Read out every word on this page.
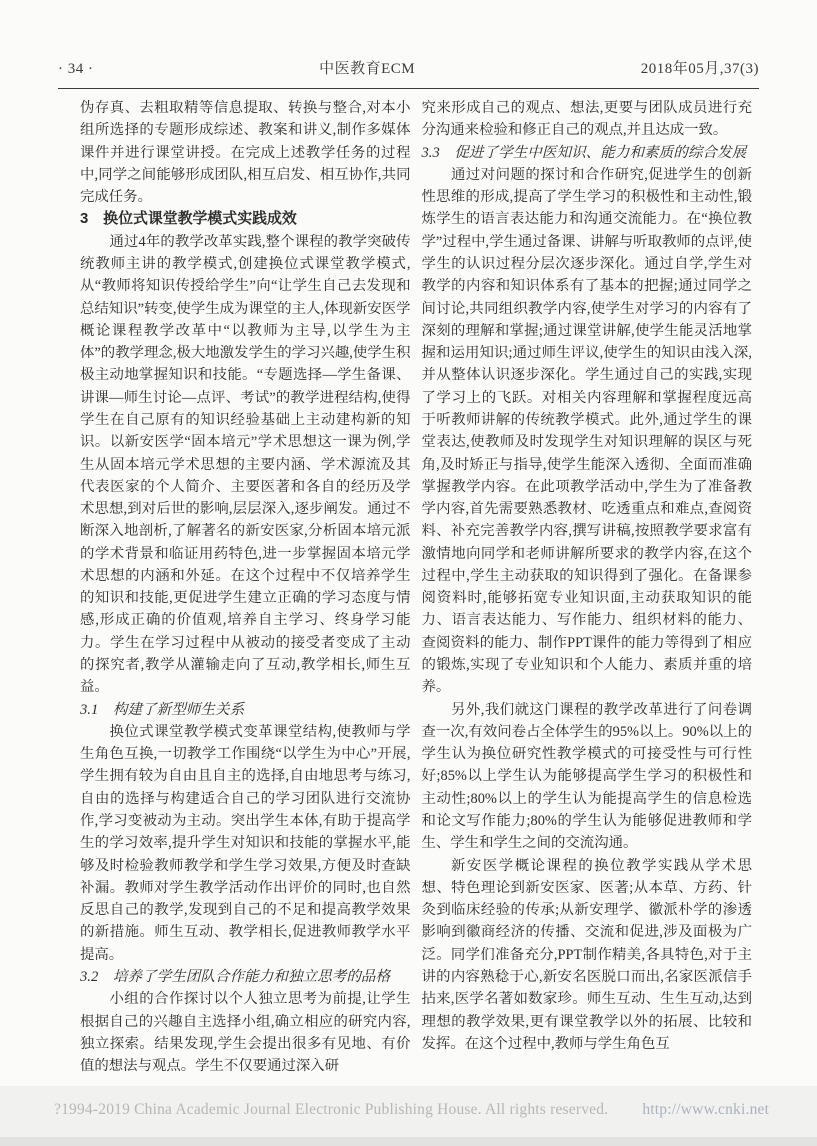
· 34 ·	中医教育ECM	2018年05月,37(3)

伪存真、去粗取精等信息提取、转换与整合,对本小组所选择的专题形成综述、教案和讲义,制作多媒体课件并进行课堂讲授。在完成上述教学任务的过程中,同学之间能够形成团队,相互启发、相互协作,共同完成任务。

3　换位式课堂教学模式实践成效

通过4年的教学改革实践,整个课程的教学突破传统教师主讲的教学模式,创建换位式课堂教学模式,从“教师将知识传授给学生”向“让学生自己去发现和总结知识”转变,使学生成为课堂的主人,体现新安医学概论课程教学改革中“以教师为主导,以学生为主体”的教学理念,极大地激发学生的学习兴趣,使学生积极主动地掌握知识和技能。“专题选择—学生备课、讲课—师生讨论—点评、考试”的教学进程结构,使得学生在自己原有的知识经验基础上主动建构新的知识。以新安医学“固本培元”学术思想这一课为例,学生从固本培元学术思想的主要内涵、学术源流及其代表医家的个人简介、主要医著和各自的经历及学术思想,到对后世的影响,层层深入,逐步阐发。通过不断深入地剖析,了解著名的新安医家,分析固本培元派的学术背景和临证用药特色,进一步掌握固本培元学术思想的内涵和外延。在这个过程中不仅培养学生的知识和技能,更促进学生建立正确的学习态度与情感,形成正确的价值观,培养自主学习、终身学习能力。学生在学习过程中从被动的接受者变成了主动的探究者,教学从灌输走向了互动,教学相长,师生互益。

3.1　构建了新型师生关系

换位式课堂教学模式变革课堂结构,使教师与学生角色互换,一切教学工作围绕“以学生为中心”开展,学生拥有较为自由且自主的选择,自由地思考与练习,自由的选择与构建适合自己的学习团队进行交流协作,学习变被动为主动。突出学生本体,有助于提高学生的学习效率,提升学生对知识和技能的掌握水平,能够及时检验教师教学和学生学习效果,方便及时查缺补漏。教师对学生教学活动作出评价的同时,也自然反思自己的教学,发现到自己的不足和提高教学效果的新措施。师生互动、教学相长,促进教师教学水平提高。

3.2　培养了学生团队合作能力和独立思考的品格

小组的合作探讨以个人独立思考为前提,让学生根据自己的兴趣自主选择小组,确立相应的研究内容,独立探索。结果发现,学生会提出很多有见地、有价值的想法与观点。学生不仅要通过深入研

究来形成自己的观点、想法,更要与团队成员进行充分沟通来检验和修正自己的观点,并且达成一致。

3.3　促进了学生中医知识、能力和素质的综合发展

通过对问题的探讨和合作研究,促进学生的创新性思维的形成,提高了学生学习的积极性和主动性,锻炼学生的语言表达能力和沟通交流能力。在“换位教学”过程中,学生通过备课、讲解与听取教师的点评,使学生的认识过程分层次逐步深化。通过自学,学生对教学的内容和知识体系有了基本的把握;通过同学之间讨论,共同组织教学内容,使学生对学习的内容有了深刻的理解和掌握;通过课堂讲解,使学生能灵活地掌握和运用知识;通过师生评议,使学生的知识由浅入深,并从整体认识逐步深化。学生通过自己的实践,实现了学习上的飞跃。对相关内容理解和掌握程度远高于听教师讲解的传统教学模式。此外,通过学生的课堂表达,使教师及时发现学生对知识理解的误区与死角,及时矫正与指导,使学生能深入透彻、全面而准确掌握教学内容。在此项教学活动中,学生为了准备教学内容,首先需要熟悉教材、吃透重点和难点,查阅资料、补充完善教学内容,撰写讲稿,按照教学要求富有激情地向同学和老师讲解所要求的教学内容,在这个过程中,学生主动获取的知识得到了强化。在备课参阅资料时,能够拓宽专业知识面,主动获取知识的能力、语言表达能力、写作能力、组织材料的能力、查阅资料的能力、制作PPT课件的能力等得到了相应的锻炼,实现了专业知识和个人能力、素质并重的培养。

另外,我们就这门课程的教学改革进行了问卷调查一次,有效问卷占全体学生的95%以上。90%以上的学生认为换位研究性教学模式的可接受性与可行性好;85%以上学生认为能够提高学生学习的积极性和主动性;80%以上的学生认为能提高学生的信息检选和论文写作能力;80%的学生认为能够促进教师和学生、学生和学生之间的交流沟通。

新安医学概论课程的换位教学实践从学术思想、特色理论到新安医家、医著;从本草、方药、针灸到临床经验的传承;从新安理学、徽派朴学的渗透影响到徽商经济的传播、交流和促进,涉及面极为广泛。同学们准备充分,PPT制作精美,各具特色,对于主讲的内容熟稔于心,新安名医脱口而出,名家医派信手拈来,医学名著如数家珍。师生互动、生生互动,达到理想的教学效果,更有课堂教学以外的拓展、比较和发挥。在这个过程中,教师与学生角色互

?1994-2019 China Academic Journal Electronic Publishing House. All rights reserved. http://www.cnki.net
